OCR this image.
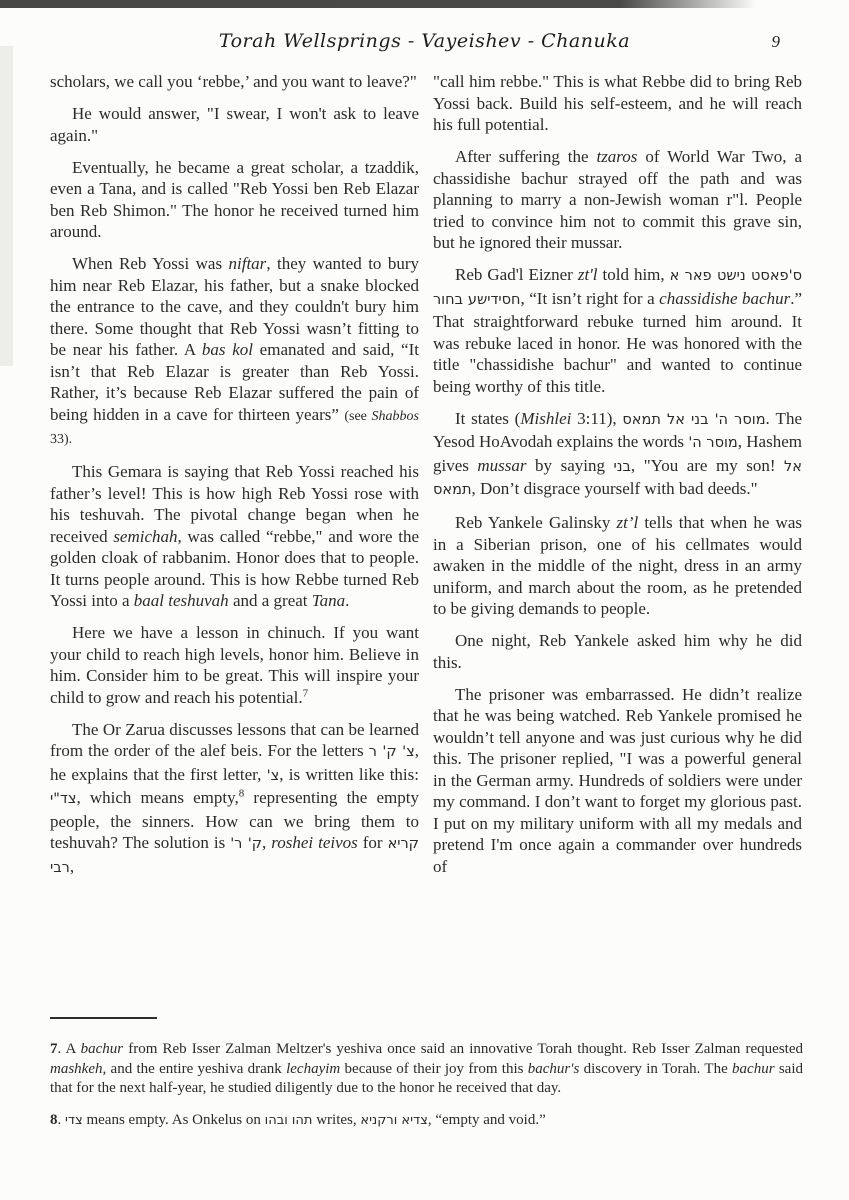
Torah Wellsprings - Vayeishev - Chanuka	9

scholars, we call you ‘rebbe,’ and you want to leave?"

He would answer, "I swear, I won't ask to leave again."

Eventually, he became a great scholar, a tzaddik, even a Tana, and is called "Reb Yossi ben Reb Elazar ben Reb Shimon." The honor he received turned him around.

When Reb Yossi was niftar, they wanted to bury him near Reb Elazar, his father, but a snake blocked the entrance to the cave, and they couldn't bury him there. Some thought that Reb Yossi wasn’t fitting to be near his father. A bas kol emanated and said, “It isn’t that Reb Elazar is greater than Reb Yossi. Rather, it’s because Reb Elazar suffered the pain of being hidden in a cave for thirteen years” (see Shabbos 33).

This Gemara is saying that Reb Yossi reached his father’s level! This is how high Reb Yossi rose with his teshuvah. The pivotal change began when he received semichah, was called “rebbe," and wore the golden cloak of rabbanim. Honor does that to people. It turns people around. This is how Rebbe turned Reb Yossi into a baal teshuvah and a great Tana.

Here we have a lesson in chinuch. If you want your child to reach high levels, honor him. Believe in him. Consider him to be great. This will inspire your child to grow and reach his potential.$^7$

The Or Zarua discusses lessons that can be learned from the order of the alef beis. For the letters צ' ק' ר, he explains that the first letter, צ', is written like this: צד"י, which means empty,$^8$ representing the empty people, the sinners. How can we bring them to teshuvah? The solution is ק' ר', roshei teivos for קריא רבי,

"call him rebbe." This is what Rebbe did to bring Reb Yossi back. Build his self-esteem, and he will reach his full potential.

After suffering the tzaros of World War Two, a chassidishe bachur strayed off the path and was planning to marry a non-Jewish woman r"l. People tried to convince him not to commit this grave sin, but he ignored their mussar.

Reb Gad'l Eizner zt'l told him, ס'פאסט נישט פאר א חסידישע בחור, “It isn’t right for a chassidishe bachur.” That straightforward rebuke turned him around. It was rebuke laced in honor. He was honored with the title "chassidishe bachur" and wanted to continue being worthy of this title.

It states (Mishlei 3:11), מוסר ה' בני אל תמאס. The Yesod HoAvodah explains the words מוסר ה', Hashem gives mussar by saying בני, "You are my son! אל תמאס, Don’t disgrace yourself with bad deeds."

Reb Yankele Galinsky zt’l tells that when he was in a Siberian prison, one of his cellmates would awaken in the middle of the night, dress in an army uniform, and march about the room, as he pretended to be giving demands to people.

One night, Reb Yankele asked him why he did this.

The prisoner was embarrassed. He didn’t realize that he was being watched. Reb Yankele promised he wouldn’t tell anyone and was just curious why he did this. The prisoner replied, "I was a powerful general in the German army. Hundreds of soldiers were under my command. I don’t want to forget my glorious past. I put on my military uniform with all my medals and pretend I'm once again a commander over hundreds of

7. A bachur from Reb Isser Zalman Meltzer's yeshiva once said an innovative Torah thought. Reb Isser Zalman requested mashkeh, and the entire yeshiva drank lechayim because of their joy from this bachur's discovery in Torah. The bachur said that for the next half-year, he studied diligently due to the honor he received that day.

8. צדי means empty. As Onkelus on תהו ובהו writes, צדיא ורקניא, “empty and void.”
